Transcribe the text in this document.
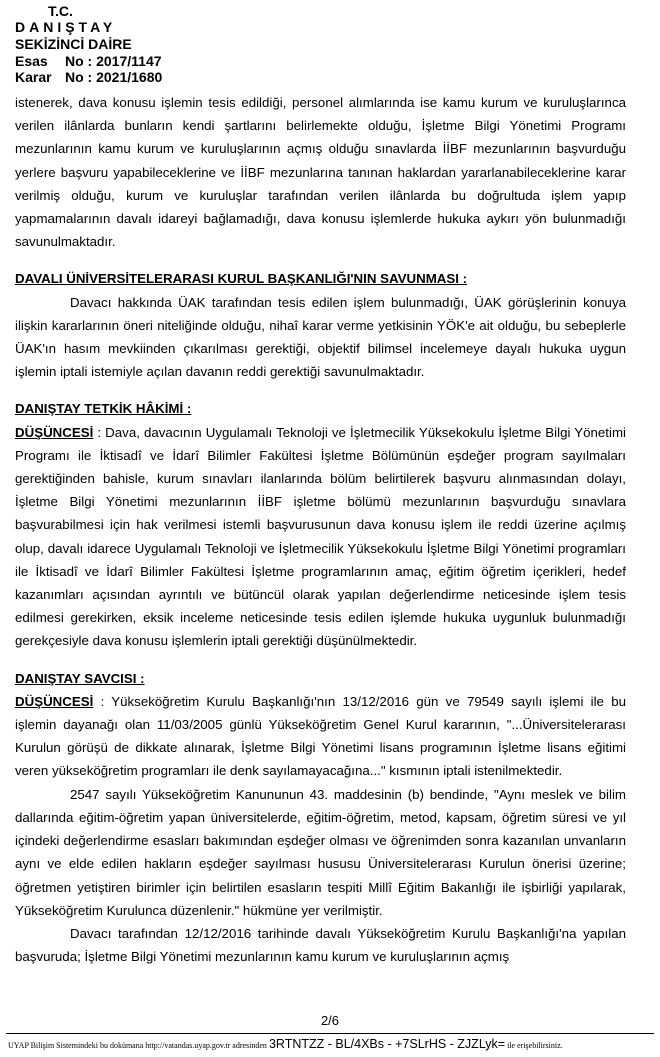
T.C.
DANIŞTAY
SEKİZİNCİ DAİRE
Esas No : 2017/1147
Karar No : 2021/1680

istenerek, dava konusu işlemin tesis edildiği, personel alımlarında ise kamu kurum ve kuruluşlarınca verilen ilânlarda bunların kendi şartlarını belirlemekte olduğu, İşletme Bilgi Yönetimi Programı mezunlarının kamu kurum ve kuruluşlarının açmış olduğu sınavlarda İİBF mezunlarının başvurduğu yerlere başvuru yapabileceklerine ve İİBF mezunlarına tanınan haklardan yararlanabileceklerine karar verilmiş olduğu, kurum ve kuruluşlar tarafından verilen ilânlarda bu doğrultuda işlem yapıp yapmamalarının davalı idareyi bağlamadığı, dava konusu işlemlerde hukuka aykırı yön bulunmadığı savunulmaktadır.

DAVALI ÜNİVERSİTELERARASI KURUL BAŞKANLIĞI'NIN SAVUNMASI :

Davacı hakkında ÜAK tarafından tesis edilen işlem bulunmadığı, ÜAK görüşlerinin konuya ilişkin kararlarının öneri niteliğinde olduğu, nihaî karar verme yetkisinin YÖK'e ait olduğu, bu sebeplerle ÜAK'ın hasım mevkiinden çıkarılması gerektiği, objektif bilimsel incelemeye dayalı hukuka uygun işlemin iptali istemiyle açılan davanın reddi gerektiği savunulmaktadır.

DANIŞTAY TETKİK HÂKİMİ :

DÜŞÜNCESİ : Dava, davacının Uygulamalı Teknoloji ve İşletmecilik Yüksekokulu İşletme Bilgi Yönetimi Programı ile İktisadî ve İdarî Bilimler Fakültesi İşletme Bölümünün eşdeğer program sayılmaları gerektiğinden bahisle, kurum sınavları ilanlarında bölüm belirtilerek başvuru alınmasından dolayı, İşletme Bilgi Yönetimi mezunlarının İİBF işletme bölümü mezunlarının başvurduğu sınavlara başvurabilmesi için hak verilmesi istemli başvurusunun dava konusu işlem ile reddi üzerine açılmış olup, davalı idarece Uygulamalı Teknoloji ve İşletmecilik Yüksekokulu İşletme Bilgi Yönetimi programları ile İktisadî ve İdarî Bilimler Fakültesi İşletme programlarının amaç, eğitim öğretim içerikleri, hedef kazanımları açısından ayrıntılı ve bütüncül olarak yapılan değerlendirme neticesinde işlem tesis edilmesi gerekirken, eksik inceleme neticesinde tesis edilen işlemde hukuka uygunluk bulunmadığı gerekçesiyle dava konusu işlemlerin iptali gerektiği düşünülmektedir.

DANIŞTAY SAVCISI :

DÜŞÜNCESİ : Yükseköğretim Kurulu Başkanlığı'nın 13/12/2016 gün ve 79549 sayılı işlemi ile bu işlemin dayanağı olan 11/03/2005 günlü Yükseköğretim Genel Kurul kararının, "...Üniversitelerarası Kurulun görüşü de dikkate alınarak, İşletme Bilgi Yönetimi lisans programının İşletme lisans eğitimi veren yükseköğretim programları ile denk sayılamayacağına..." kısmının iptali istenilmektedir.

2547 sayılı Yükseköğretim Kanununun 43. maddesinin (b) bendinde, "Aynı meslek ve bilim dallarında eğitim-öğretim yapan üniversitelerde, eğitim-öğretim, metod, kapsam, öğretim süresi ve yıl içindeki değerlendirme esasları bakımından eşdeğer olması ve öğrenimden sonra kazanılan unvanların aynı ve elde edilen hakların eşdeğer sayılması hususu Üniversitelerarası Kurulun önerisi üzerine; öğretmen yetiştiren birimler için belirtilen esasların tespiti Millî Eğitim Bakanlığı ile işbirliği yapılarak, Yükseköğretim Kurulunca düzenlenir." hükmüne yer verilmiştir.

Davacı tarafından 12/12/2016 tarihinde davalı Yükseköğretim Kurulu Başkanlığı'na yapılan başvuruda; İşletme Bilgi Yönetimi mezunlarının kamu kurum ve kuruluşlarının açmış

2/6
UYAP Bilişim Sistemindeki bu dokümana http://vatandas.uyap.gov.tr adresinden 3RTNTZZ - BL/4XBs - +7SLrHS - ZJZLyk= ile erişebilirsiniz.
